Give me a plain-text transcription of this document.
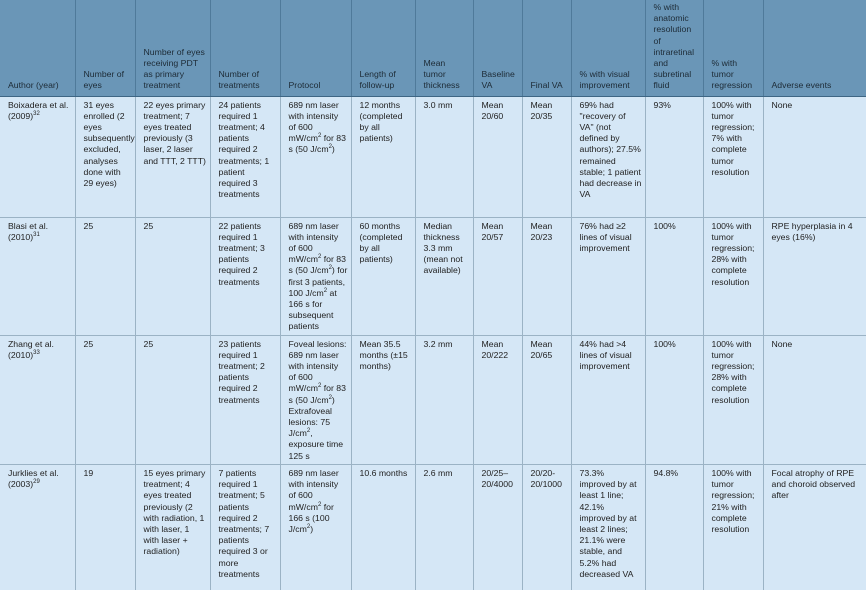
Author (year)	Number of eyes	Number of eyes receiving PDT as primary treatment	Number of treatments	Protocol	Length of follow-up	Mean tumor thickness	Baseline VA	Final VA	% with visual improvement	% with anatomic resolution of intraretinal and subretinal fluid	% with tumor regression	Adverse events
Boixadera et al. $(2009)^{32}$	31 eyes enrolled (2 eyes subsequently excluded, analyses done with 29 eyes)	22 eyes primary treatment; 7 eyes treated previously (3 laser, 2 laser and TTT, 2 TTT)	24 patients required 1 treatment; 4 patients required 2 treatments; 1 patient required 3 treatments	689 nm laser with intensity of 600 $mW/cm^2$ for 83 s (50 $J/cm^2$)	12 months (completed by all patients)	3.0 mm	Mean 20/60	Mean 20/35	69% had "recovery of VA" (not defined by authors); 27.5% remained stable; 1 patient had decrease in VA	93%	100% with tumor regression; 7% with complete tumor resolution	None
Blasi et al. $(2010)^{31}$	25	25	22 patients required 1 treatment; 3 patients required 2 treatments	689 nm laser with intensity of 600 $mW/cm^2$ for 83 s (50 $J/cm^2$) for first 3 patients, 100 $J/cm^2$ at 166 s for subsequent patients	60 months (completed by all patients)	Median thickness 3.3 mm (mean not available)	Mean 20/57	Mean 20/23	76% had ≥2 lines of visual improvement	100%	100% with tumor regression; 28% with complete resolution	RPE hyperplasia in 4 eyes (16%)
Zhang et al. $(2010)^{33}$	25	25	23 patients required 1 treatment; 2 patients required 2 treatments	Foveal lesions: 689 nm laser with intensity of 600 $mW/cm^2$ for 83 s (50 $J/cm^2$) Extrafoveal lesions: 75 $J/cm^2$, exposure time 125 s	Mean 35.5 months (±15 months)	3.2 mm	Mean 20/222	Mean 20/65	44% had >4 lines of visual improvement	100%	100% with tumor regression; 28% with complete resolution	None
Jurklies et al. $(2003)^{29}$	19	15 eyes primary treatment; 4 eyes treated previously (2 with radiation, 1 with laser, 1 with laser + radiation)	7 patients required 1 treatment; 5 patients required 2 treatments; 7 patients required 3 or more treatments	689 nm laser with intensity of 600 $mW/cm^2$ for 166 s (100 $J/cm^2$)	10.6 months	2.6 mm	20/25–20/4000	20/20-20/1000	73.3% improved by at least 1 line; 42.1% improved by at least 2 lines; 21.1% were stable, and 5.2% had decreased VA	94.8%	100% with tumor regression; 21% with complete resolution	Focal atrophy of RPE and choroid observed after
